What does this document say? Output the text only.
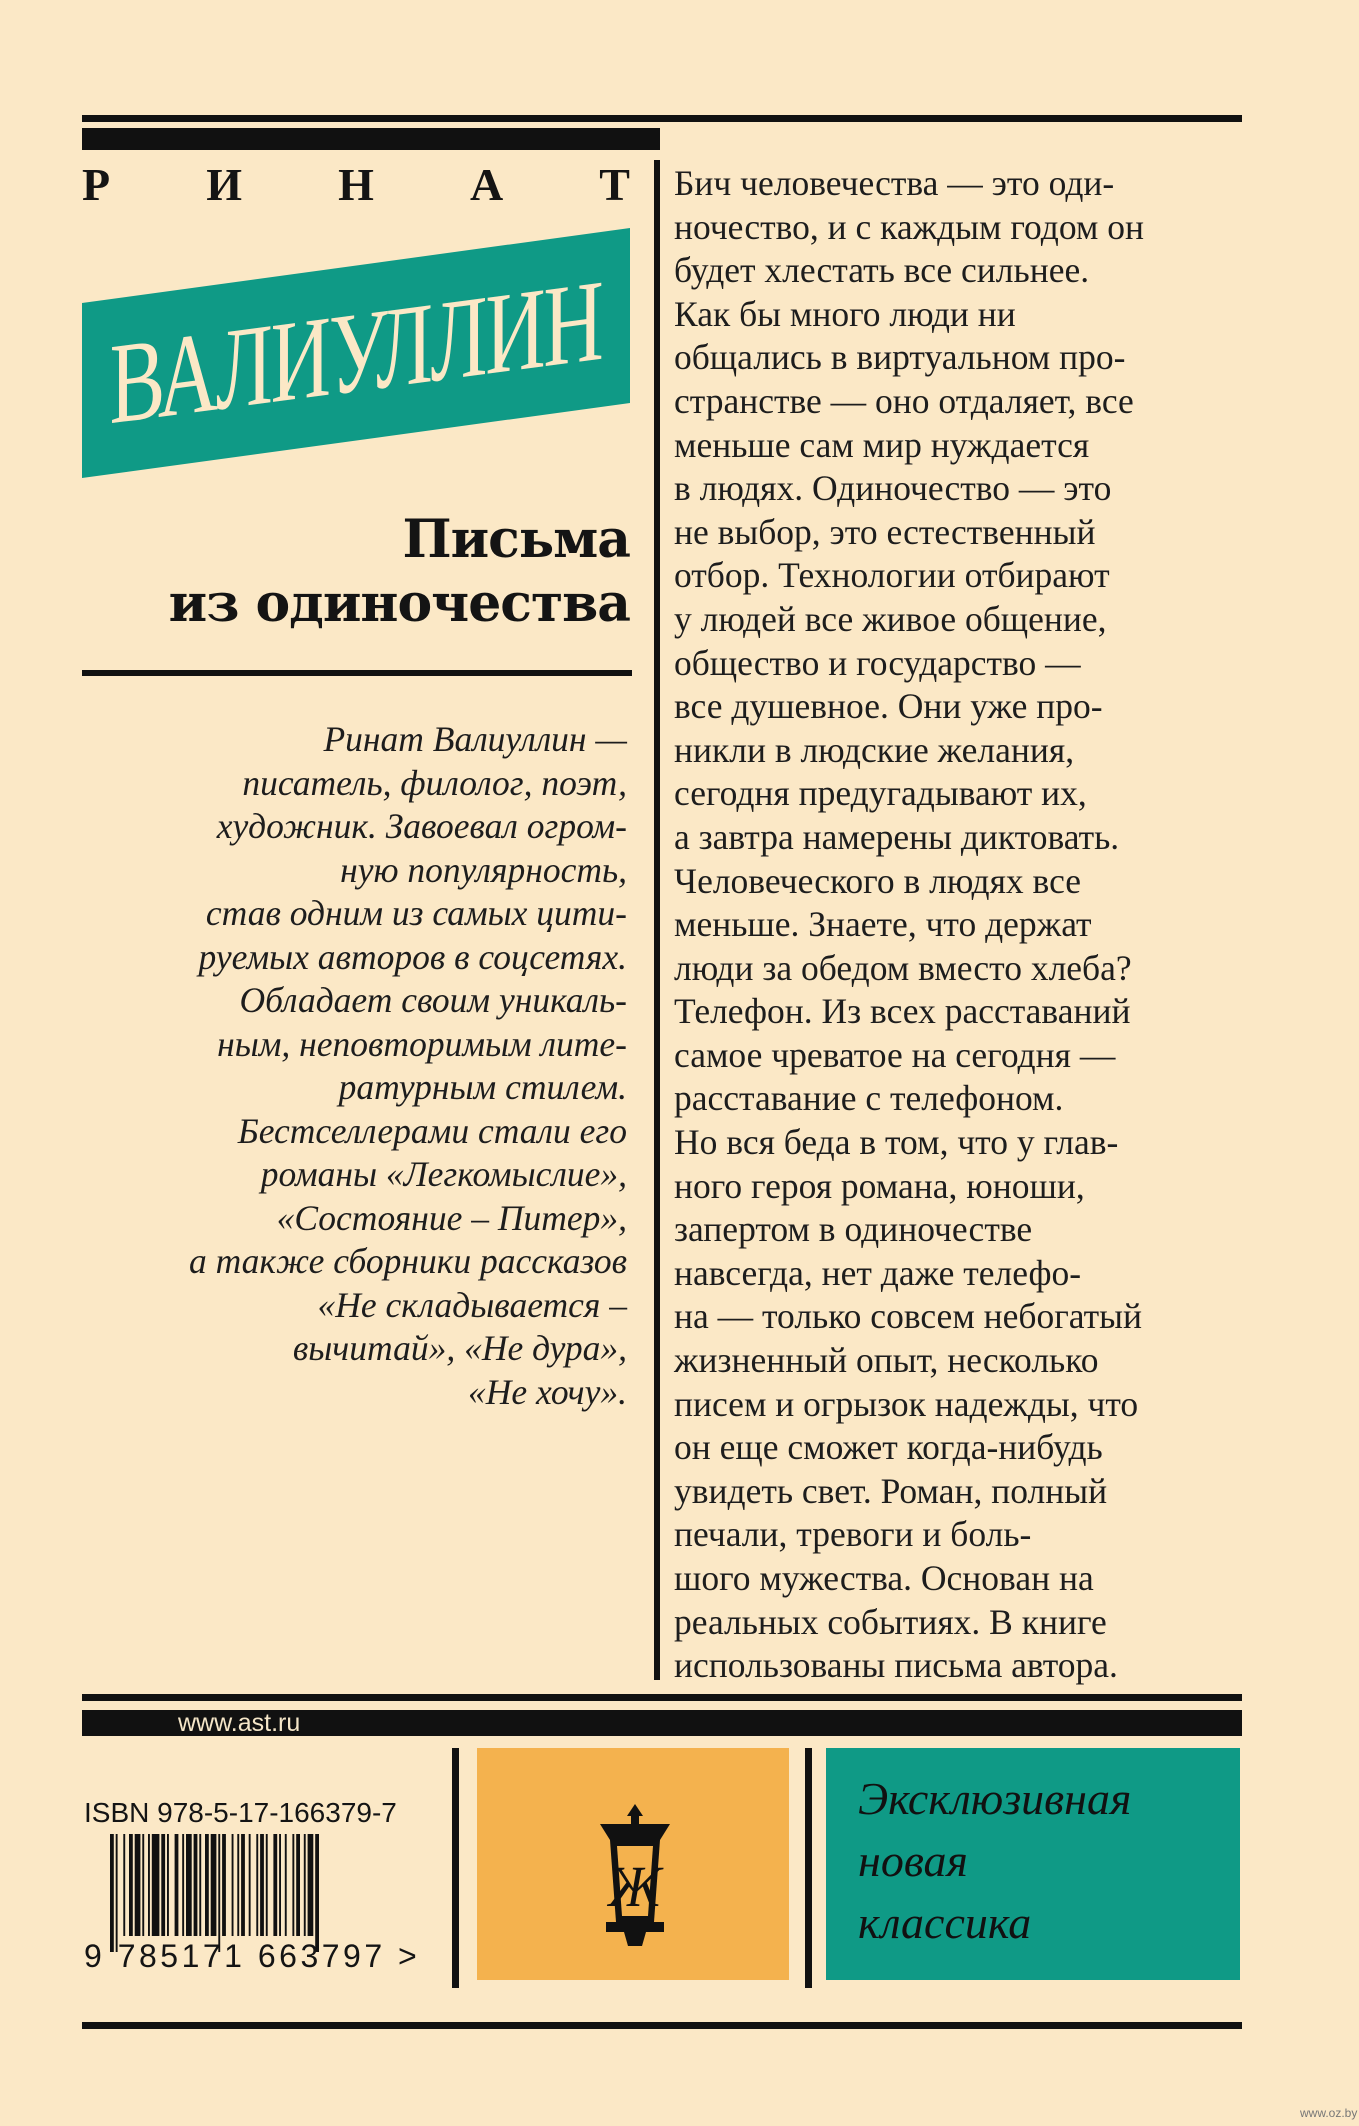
Р И Н А Т
ВАЛИУЛЛИН
Письма
из одиночества
Ринат Валиуллин —
писатель, филолог, поэт,
художник. Завоевал огром-
ную популярность,
став одним из самых цити-
руемых авторов в соцсетях.
Обладает своим уникаль-
ным, неповторимым лите-
ратурным стилем.
Бестселлерами стали его
романы «Легкомыслие»,
«Состояние – Питер»,
а также сборники рассказов
«Не складывается –
вычитай», «Не дура»,
«Не хочу».
Бич человечества — это оди-
ночество, и с каждым годом он
будет хлестать все сильнее.
Как бы много люди ни
общались в виртуальном про-
странстве — оно отдаляет, все
меньше сам мир нуждается
в людях. Одиночество — это
не выбор, это естественный
отбор. Технологии отбирают
у людей все живое общение,
общество и государство —
все душевное. Они уже про-
никли в людские желания,
сегодня предугадывают их,
а завтра намерены диктовать.
Человеческого в людях все
меньше. Знаете, что держат
люди за обедом вместо хлеба?
Телефон. Из всех расставаний
самое чреватое на сегодня —
расставание с телефоном.
Но вся беда в том, что у глав-
ного героя романа, юноши,
запертом в одиночестве
навсегда, нет даже телефо-
на — только совсем небогатый
жизненный опыт, несколько
писем и огрызок надежды, что
он еще сможет когда-нибудь
увидеть свет. Роман, полный
печали, тревоги и боль-
шого мужества. Основан на
реальных событиях. В книге
использованы письма автора.
www.ast.ru
ISBN 978-5-17-166379-7
9 785171 663797 >
Ж
Эксклюзивная
новая
классика
www.oz.by
